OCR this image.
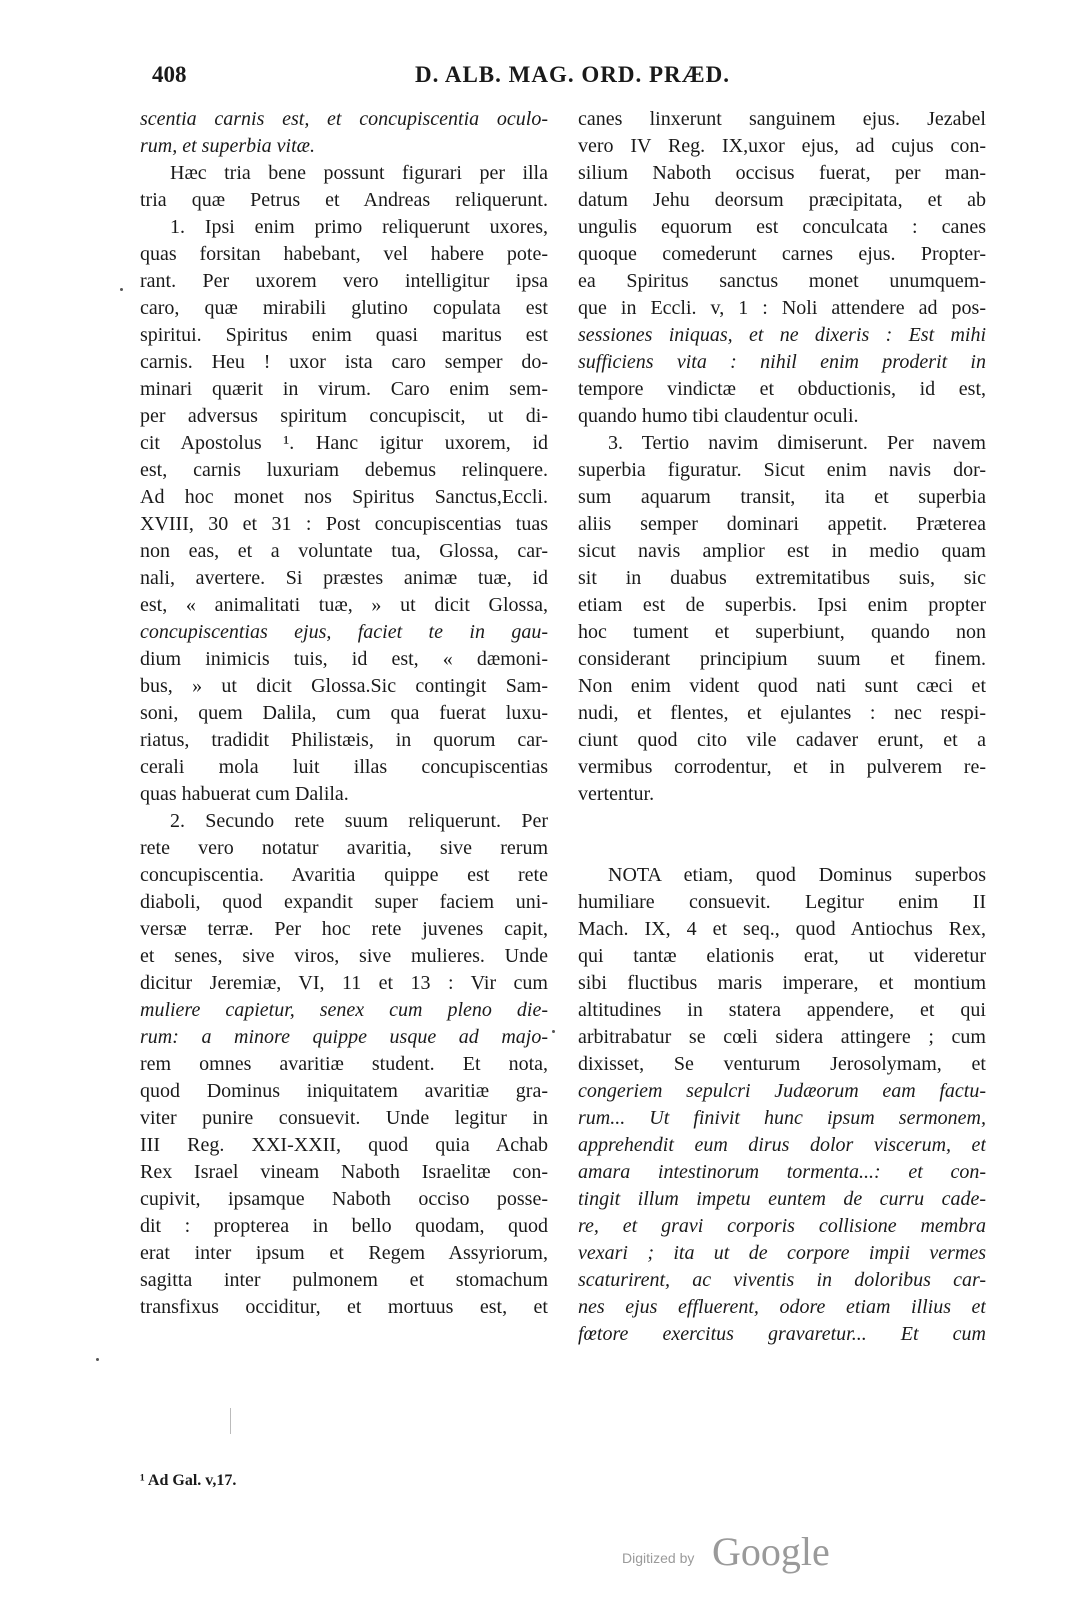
408	D. ALB. MAG. ORD. PRÆD.
scentia carnis est, et concupiscentia oculo-
rum, et superbia vitæ.
Hæc tria bene possunt figurari per illa
tria quæ Petrus et Andreas reliquerunt.
1. Ipsi enim primo reliquerunt uxores,
quas forsitan habebant, vel habere pote-
rant. Per uxorem vero intelligitur ipsa
caro, quæ mirabili glutino copulata est
spiritui. Spiritus enim quasi maritus est
carnis. Heu ! uxor ista caro semper do-
minari quærit in virum. Caro enim sem-
per adversus spiritum concupiscit, ut di-
cit Apostolus ¹. Hanc igitur uxorem, id
est, carnis luxuriam debemus relinquere.
Ad hoc monet nos Spiritus Sanctus,Eccli.
XVIII, 30 et 31 : Post concupiscentias tuas
non eas, et a voluntate tua, Glossa, car-
nali, avertere. Si præstes animæ tuæ, id
est, « animalitati tuæ, » ut dicit Glossa,
concupiscentias ejus, faciet te in gau-
dium inimicis tuis, id est, « dæmoni-
bus, » ut dicit Glossa.Sic contingit Sam-
soni, quem Dalila, cum qua fuerat luxu-
riatus, tradidit Philistæis, in quorum car-
cerali mola luit illas concupiscentias
quas habuerat cum Dalila.
2. Secundo rete suum reliquerunt. Per
rete vero notatur avaritia, sive rerum
concupiscentia. Avaritia quippe est rete
diaboli, quod expandit super faciem uni-
versæ terræ. Per hoc rete juvenes capit,
et senes, sive viros, sive mulieres. Unde
dicitur Jeremiæ, VI, 11 et 13 : Vir cum
muliere capietur, senex cum pleno die-
rum: a minore quippe usque ad majo-
rem omnes avaritiæ student. Et nota,
quod Dominus iniquitatem avaritiæ gra-
viter punire consuevit. Unde legitur in
III Reg. XXI-XXII, quod quia Achab
Rex Israel vineam Naboth Israelitæ con-
cupivit, ipsamque Naboth occiso posse-
dit : propterea in bello quodam, quod
erat inter ipsum et Regem Assyriorum,
sagitta inter pulmonem et stomachum
transfixus occiditur, et mortuus est, et
canes linxerunt sanguinem ejus. Jezabel
vero IV Reg. IX,uxor ejus, ad cujus con-
silium Naboth occisus fuerat, per man-
datum Jehu deorsum præcipitata, et ab
ungulis equorum est conculcata : canes
quoque comederunt carnes ejus. Propter-
ea Spiritus sanctus monet unumquem-
que in Eccli. v, 1 : Noli attendere ad pos-
sessiones iniquas, et ne dixeris : Est mihi
sufficiens vita : nihil enim proderit in
tempore vindictæ et obductionis, id est,
quando humo tibi claudentur oculi.
3. Tertio navim dimiserunt. Per navem
superbia figuratur. Sicut enim navis dor-
sum aquarum transit, ita et superbia
aliis semper dominari appetit. Præterea
sicut navis amplior est in medio quam
sit in duabus extremitatibus suis, sic
etiam est de superbis. Ipsi enim propter
hoc tument et superbiunt, quando non
considerant principium suum et finem.
Non enim vident quod nati sunt cæci et
nudi, et flentes, et ejulantes : nec respi-
ciunt quod cito vile cadaver erunt, et a
vermibus corrodentur, et in pulverem re-
vertentur.
NOTA etiam, quod Dominus superbos
humiliare consuevit. Legitur enim II
Mach. IX, 4 et seq., quod Antiochus Rex,
qui tantæ elationis erat, ut videretur
sibi fluctibus maris imperare, et montium
altitudines in statera appendere, et qui
arbitrabatur se cœli sidera attingere ; cum
dixisset, Se venturum Jerosolymam, et
congeriem sepulcri Judæorum eam factu-
rum... Ut finivit hunc ipsum sermonem,
apprehendit eum dirus dolor viscerum, et
amara intestinorum tormenta...: et con-
tingit illum impetu euntem de curru cade-
re, et gravi corporis collisione membra
vexari ; ita ut de corpore impii vermes
scaturirent, ac viventis in doloribus car-
nes ejus effluerent, odore etiam illius et
fœtore exercitus gravaretur... Et cum
¹ Ad Gal. v,17.
Digitized by Google
